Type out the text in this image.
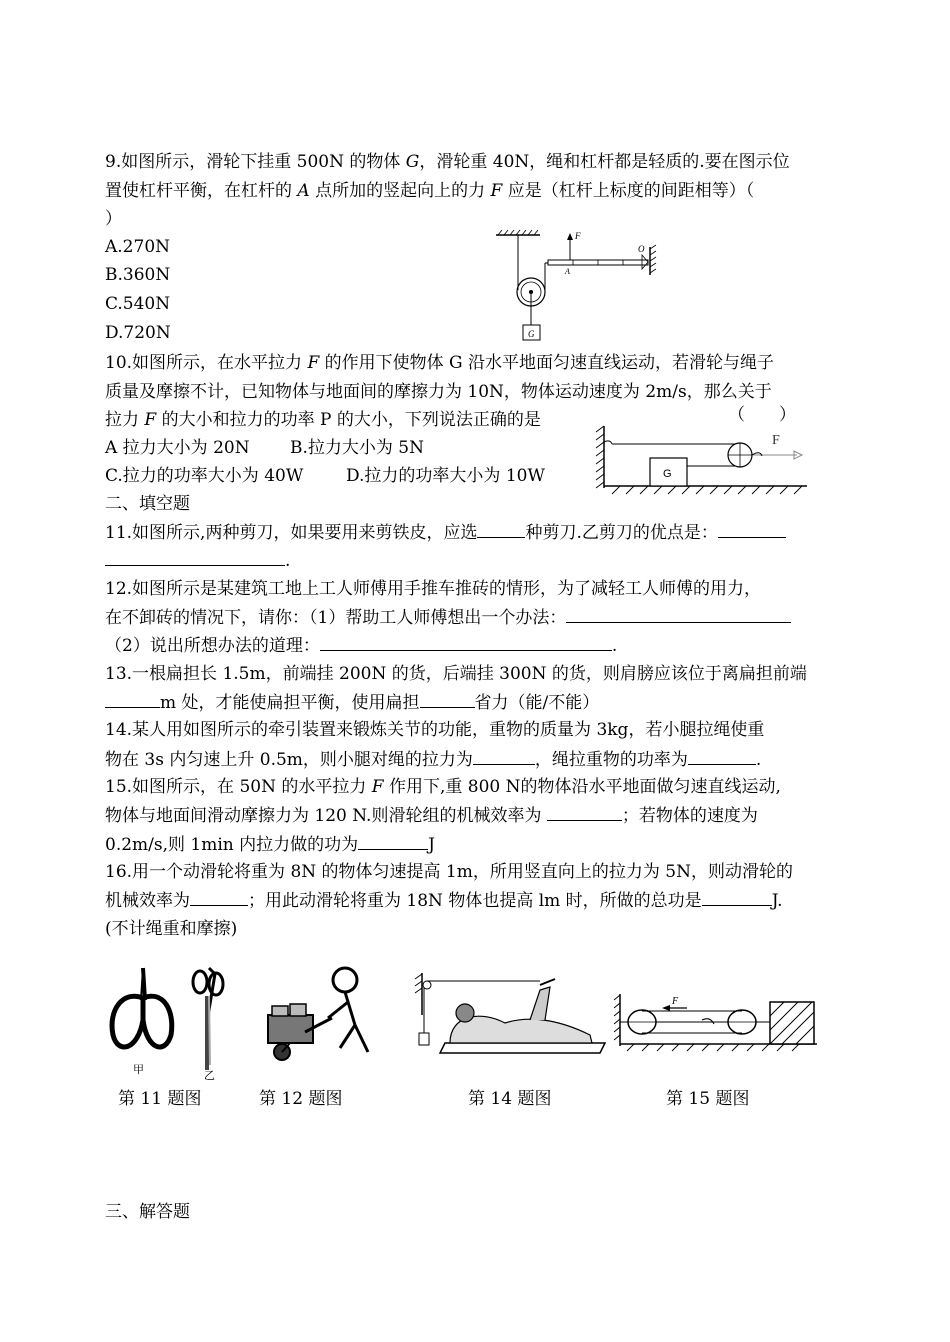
9.如图所示，滑轮下挂重 500N 的物体 G，滑轮重 40N，绳和杠杆都是轻质的.要在图示位
置使杠杆平衡，在杠杆的 A 点所加的竖起向上的力 F 应是（杠杆上标度的间距相等）（
）
A.270N
B.360N
C.540N
D.720N	G
F
A
O
10.如图所示，在水平拉力 F 的作用下使物体 G 沿水平地面匀速直线运动，若滑轮与绳子
质量及摩擦不计，已知物体与地面间的摩擦力为 10N，物体运动速度为 2m/s，那么关于
拉力 F 的大小和拉力的功率 P 的大小，下列说法正确的是	（　　）
A 拉力大小为 20N B.拉力大小为 5N
C.拉力的功率大小为 40W	D.拉力的功率大小为 10W	G
F
二、填空题
11.如图所示,两种剪刀，如果要用来剪铁皮，应选	种剪刀.乙剪刀的优点是：
.
12.如图所示是某建筑工地上工人师傅用手推车推砖的情形，为了减轻工人师傅的用力，
在不卸砖的情况下，请你：（1）帮助工人师傅想出一个办法：
（2）说出所想办法的道理：	.
13.一根扁担长 1.5m，前端挂 200N 的货，后端挂 300N 的货，则肩膀应该位于离扁担前端
m 处，才能使扁担平衡，使用扁担	省力（能/不能）
14.某人用如图所示的牵引装置来锻炼关节的功能，重物的质量为 3kg，若小腿拉绳使重
物在 3s 内匀速上升 0.5m，则小腿对绳的拉力为	，绳拉重物的功率为	.
15.如图所示，在 50N 的水平拉力 F 作用下,重 800 N的物体沿水平地面做匀速直线运动,
物体与地面间滑动摩擦力为 120 N.则滑轮组的机械效率为	；若物体的速度为
0.2m/s,则 1min 内拉力做的功为	J
16.用一个动滑轮将重为 8N 的物体匀速提高 1m，所用竖直向上的拉力为 5N，则动滑轮的
机械效率为	；用此动滑轮将重为 18N 物体也提高 lm 时，所做的总功是	J.
(不计绳重和摩擦)
甲	乙
F
第 11 题图	第 12 题图	第 14 题图	第 15 题图
三、解答题
